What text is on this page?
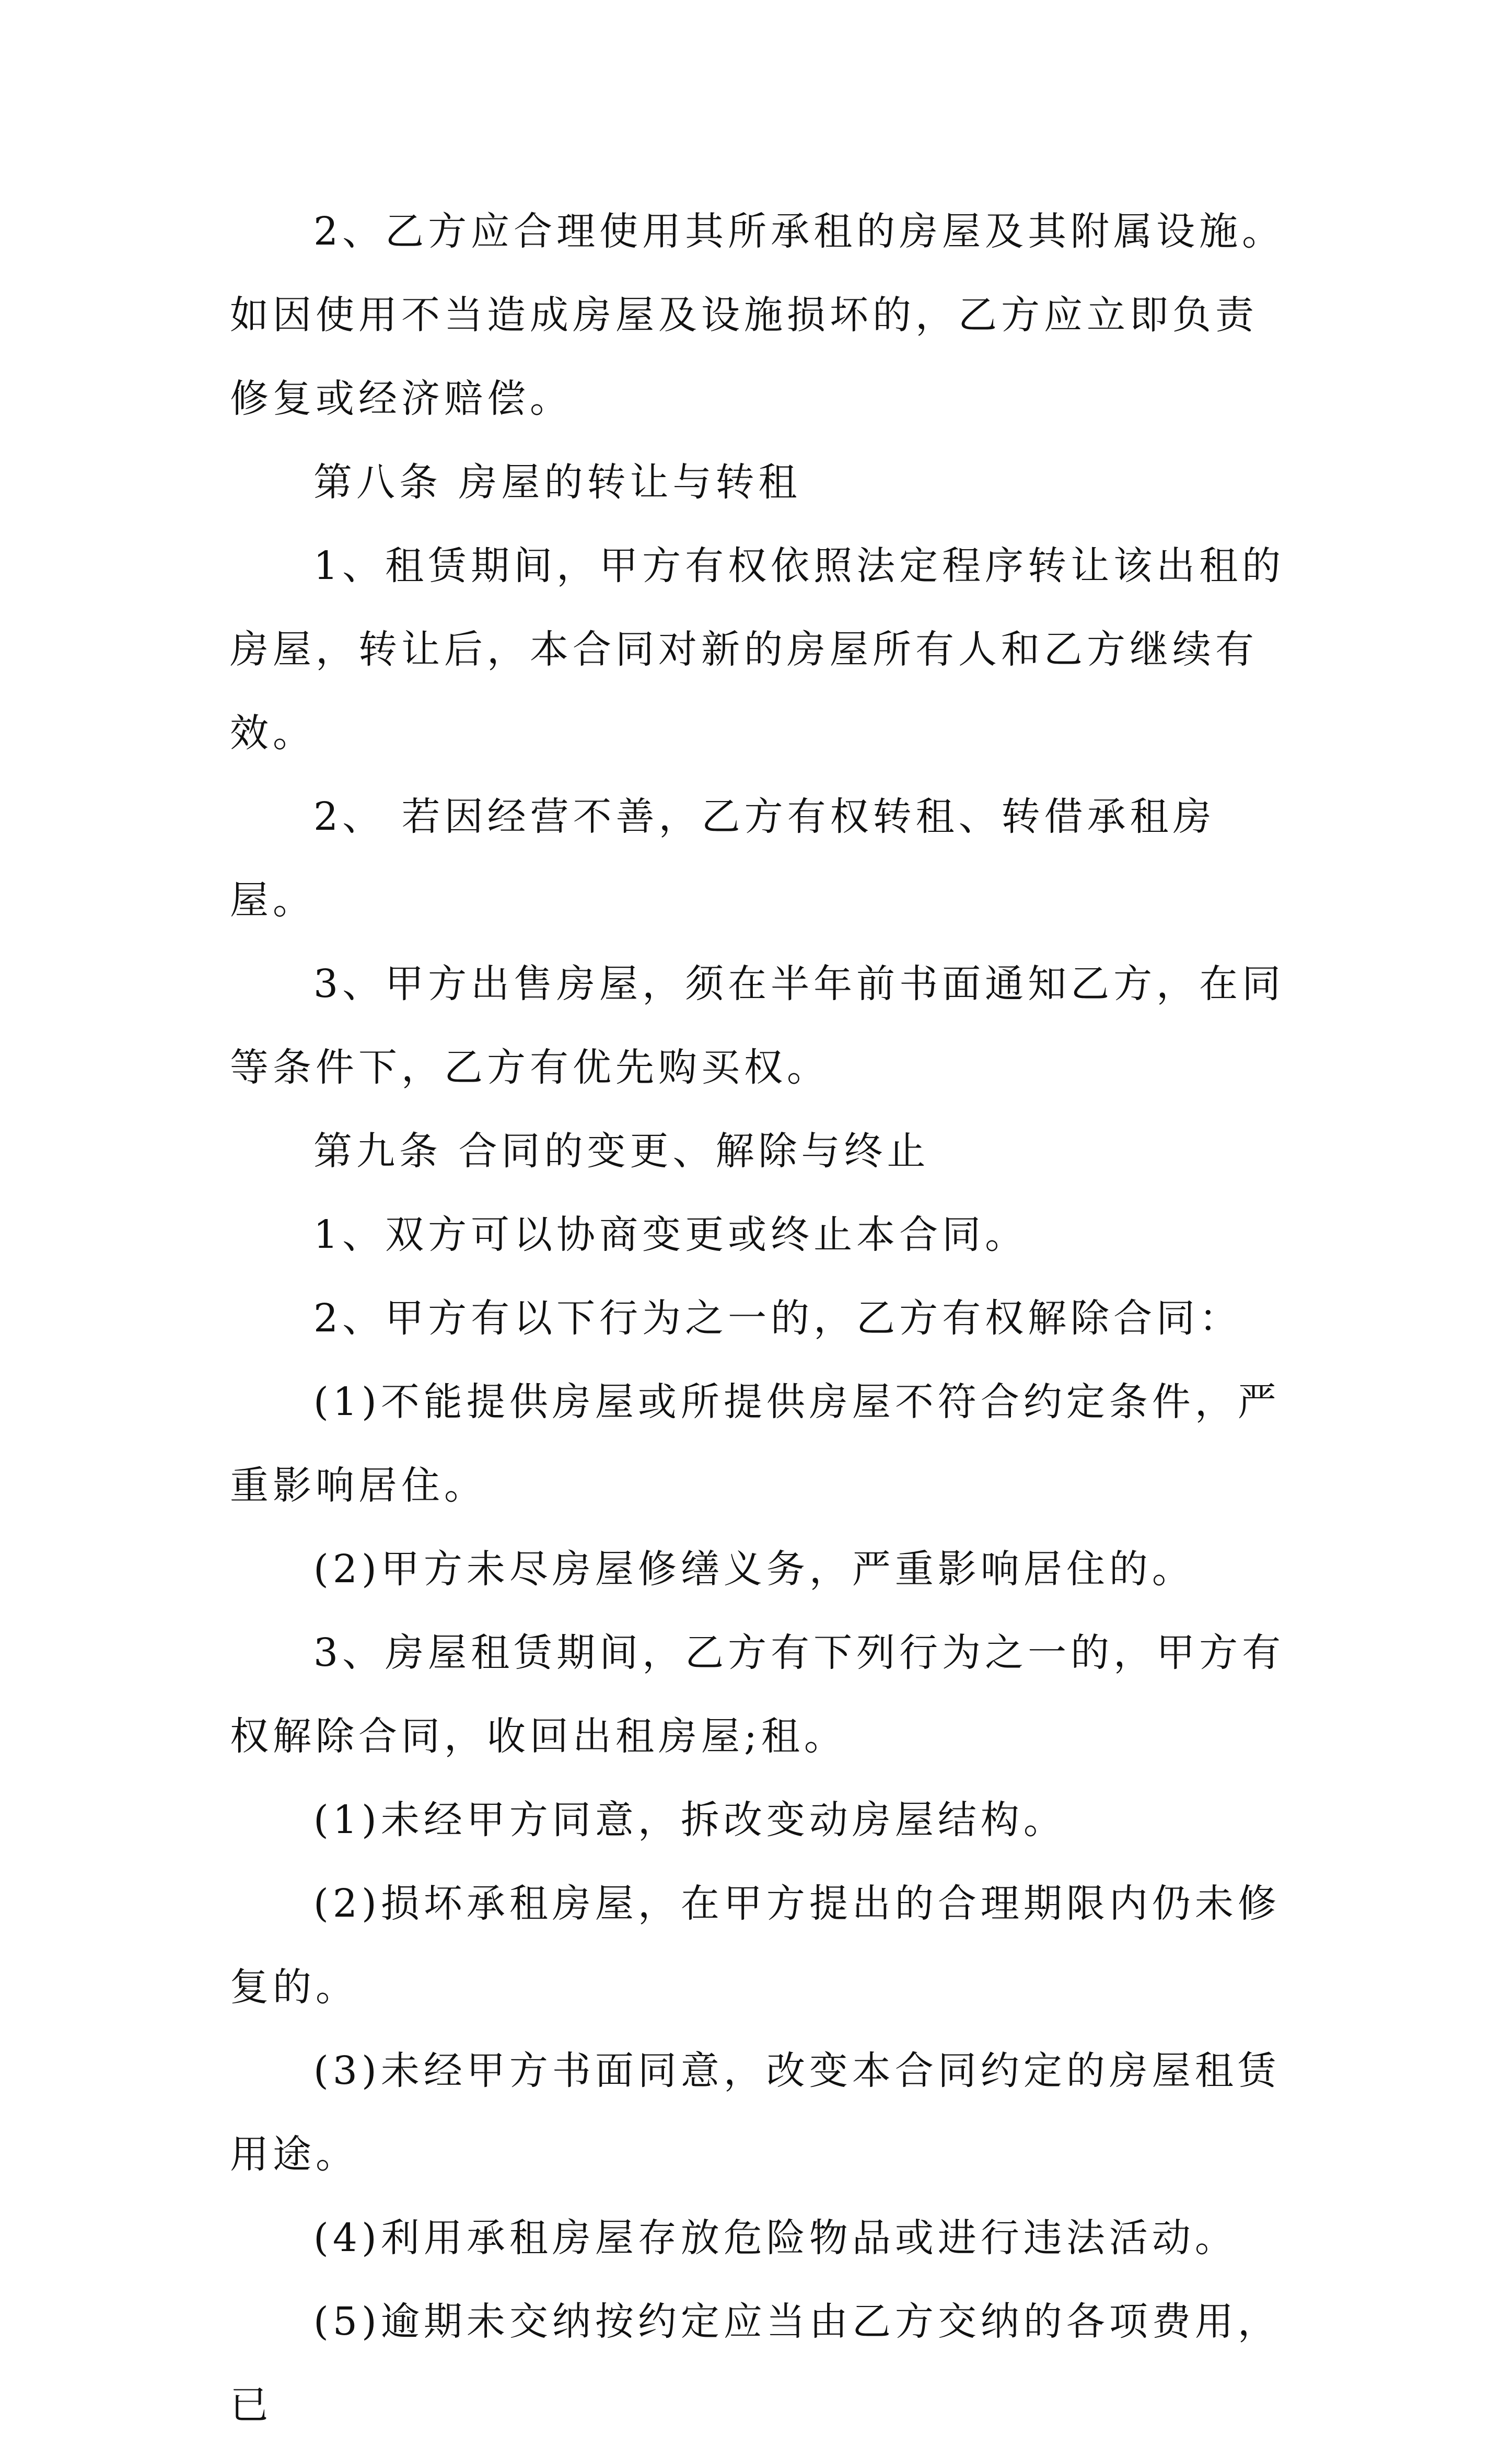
2、乙方应合理使用其所承租的房屋及其附属设施。如因使用不当造成房屋及设施损坏的，乙方应立即负责修复或经济赔偿。

第八条 房屋的转让与转租

1、租赁期间，甲方有权依照法定程序转让该出租的房屋，转让后，本合同对新的房屋所有人和乙方继续有效。

2、 若因经营不善，乙方有权转租、转借承租房屋。

3、甲方出售房屋，须在半年前书面通知乙方，在同等条件下，乙方有优先购买权。

第九条 合同的变更、解除与终止

1、双方可以协商变更或终止本合同。

2、甲方有以下行为之一的，乙方有权解除合同：

(1)不能提供房屋或所提供房屋不符合约定条件，严重影响居住。

(2)甲方未尽房屋修缮义务，严重影响居住的。

3、房屋租赁期间，乙方有下列行为之一的，甲方有权解除合同，收回出租房屋;租。

(1)未经甲方同意，拆改变动房屋结构。

(2)损坏承租房屋，在甲方提出的合理期限内仍未修复的。

(3)未经甲方书面同意，改变本合同约定的房屋租赁用途。

(4)利用承租房屋存放危险物品或进行违法活动。

(5)逾期未交纳按约定应当由乙方交纳的各项费用，已
